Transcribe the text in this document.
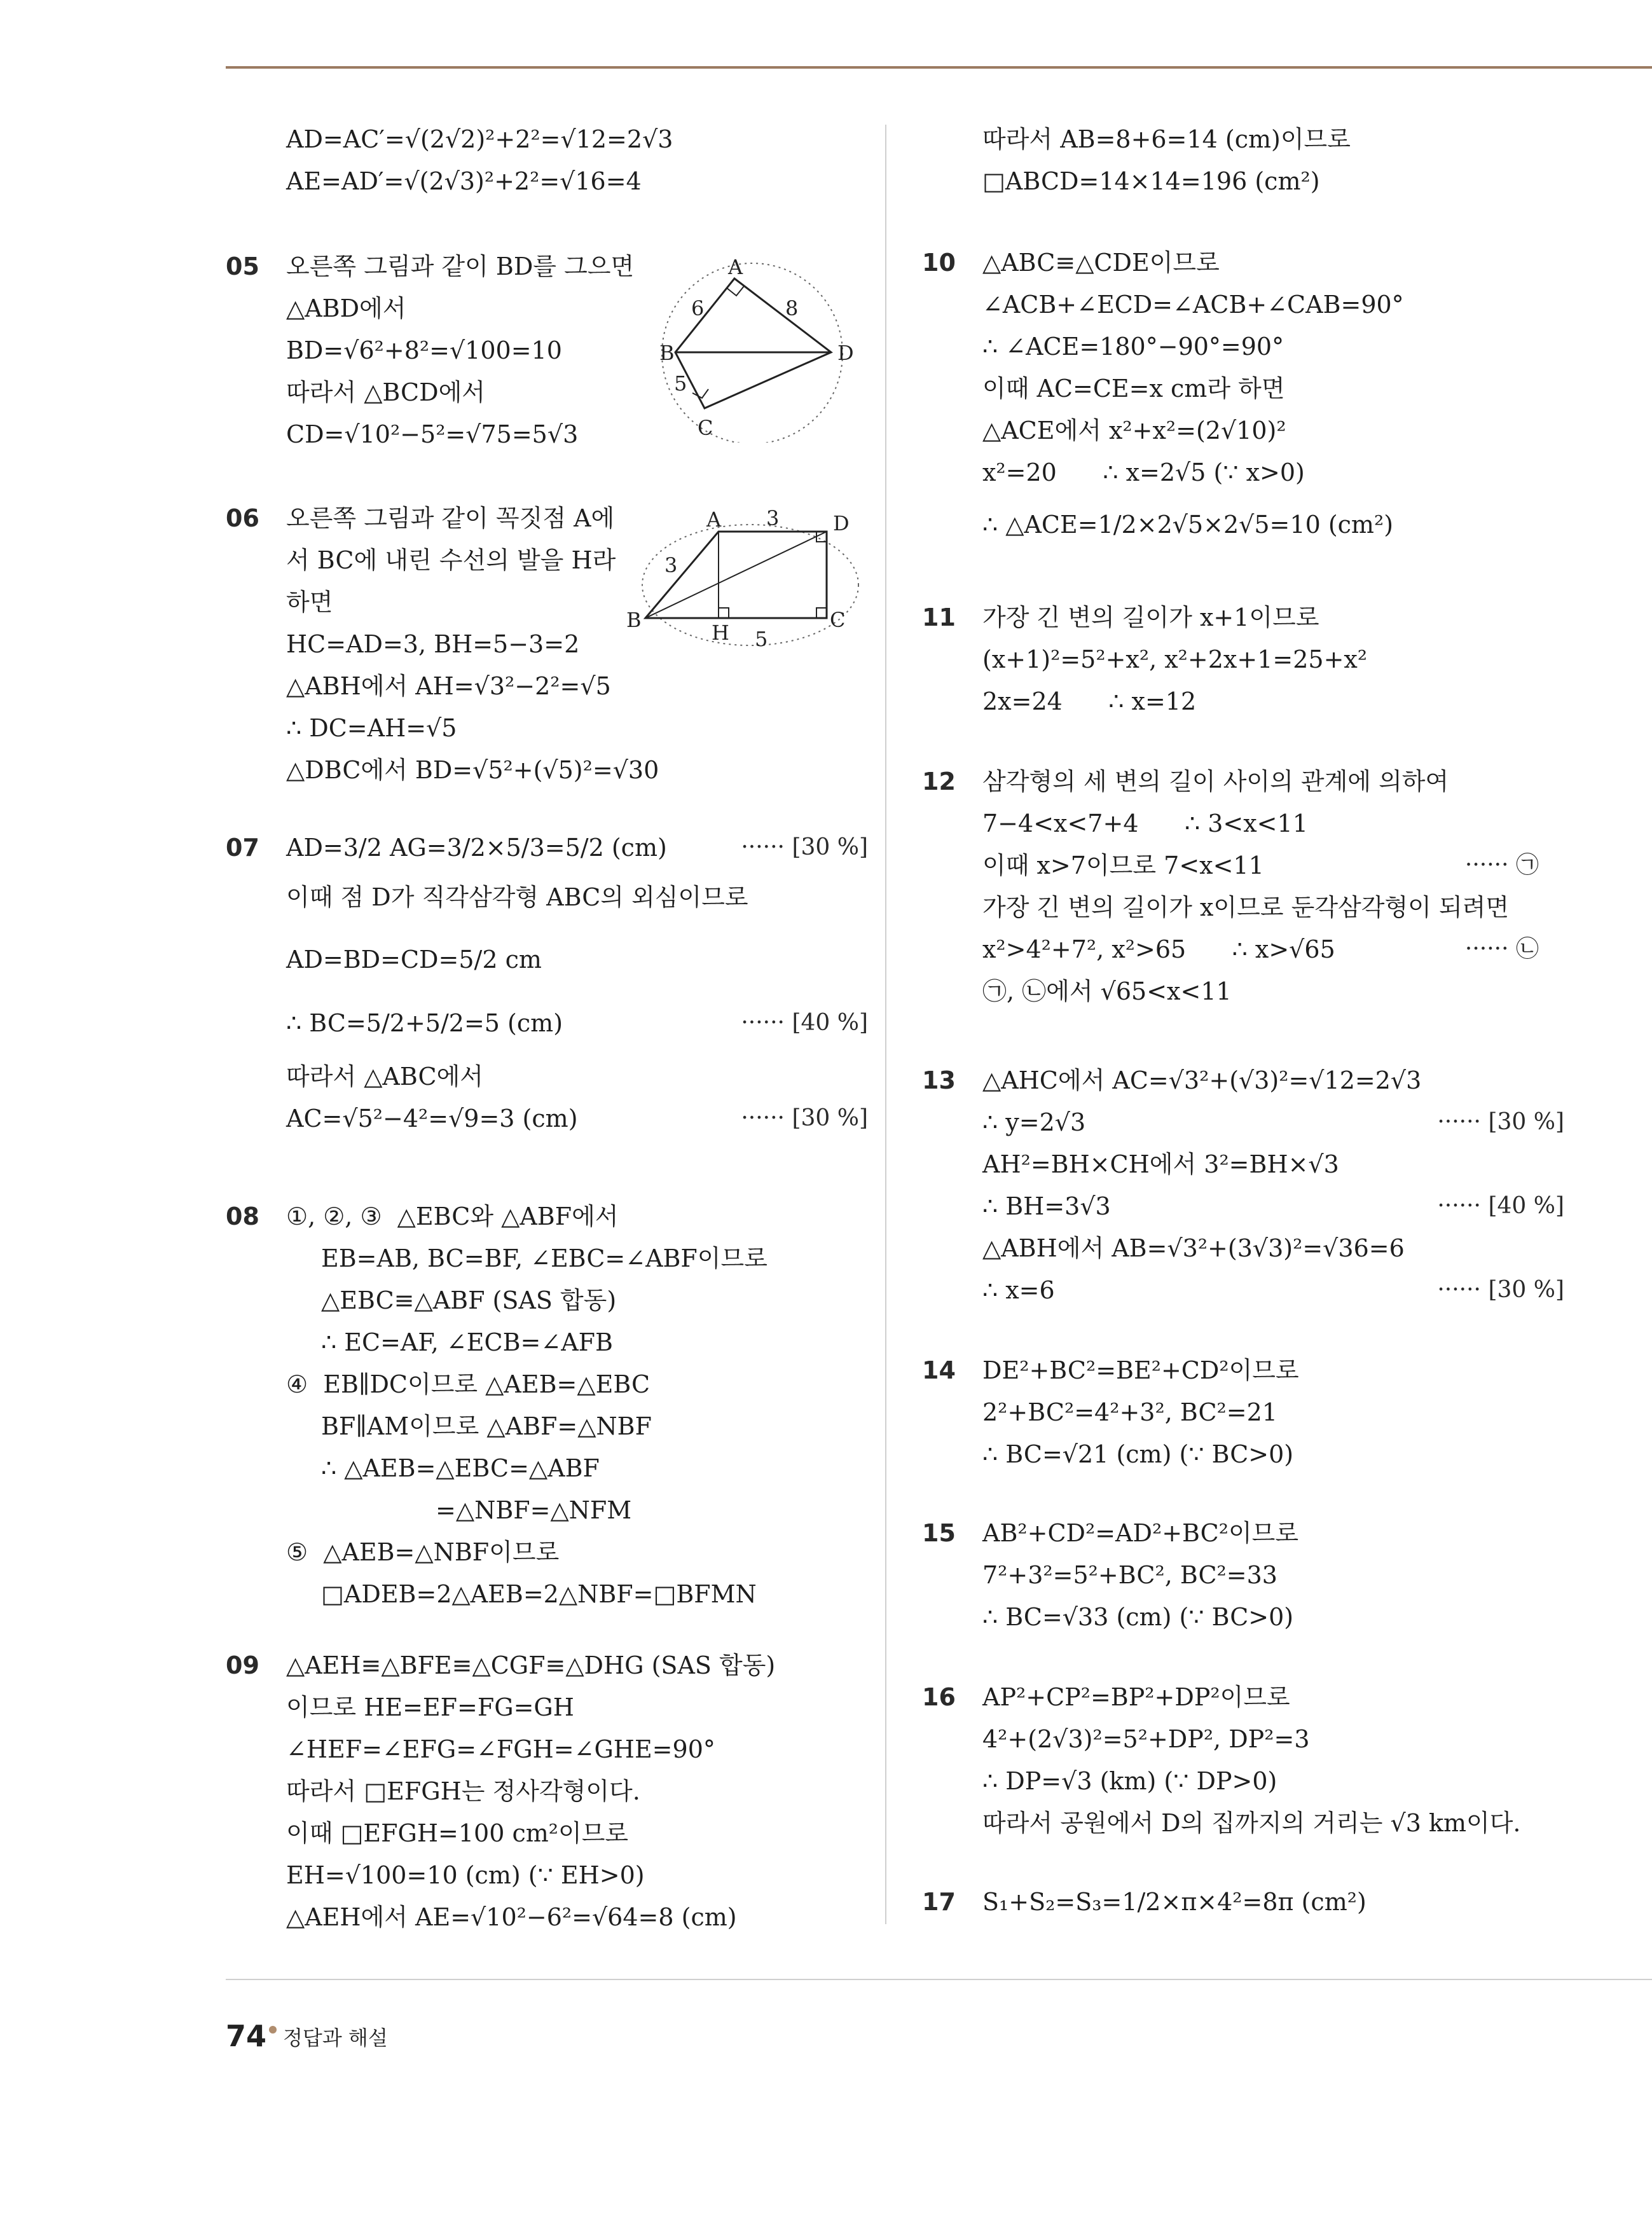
AD=AC′=√(2√2)²+2²=√12=2√3
AE=AD′=√(2√3)²+2²=√16=4
05 오른쪽 그림과 같이 BD를 그으면
△ABD에서
BD=√6²+8²=√100=10
따라서 △BCD에서
CD=√10²−5²=√75=5√3
A
B
C
D
6	8
5
06 오른쪽 그림과 같이 꼭짓점 A에
서 BC에 내린 수선의 발을 H라
하면
HC=AD=3, BH=5−3=2
△ABH에서 AH=√3²−2²=√5
∴ DC=AH=√5
△DBC에서 BD=√5²+(√5)²=√30
A	D
B
H
C
3
3
5
07 AD=3/2 AG=3/2×5/3=5/2 (cm)	······ [30 %]
이때 점 D가 직각삼각형 ABC의 외심이므로
AD=BD=CD=5/2 cm
∴ BC=5/2+5/2=5 (cm)	······ [40 %]
따라서 △ABC에서
AC=√5²−4²=√9=3 (cm)	······ [30 %]
08 ①, ②, ③  △EBC와 △ABF에서
EB=AB, BC=BF, ∠EBC=∠ABF이므로
△EBC≡△ABF (SAS 합동)
∴ EC=AF, ∠ECB=∠AFB
④  EB∥DC이므로 △AEB=△EBC
BF∥AM이므로 △ABF=△NBF
∴ △AEB=△EBC=△ABF
=△NBF=△NFM
⑤  △AEB=△NBF이므로
□ADEB=2△AEB=2△NBF=□BFMN
09 △AEH≡△BFE≡△CGF≡△DHG (SAS 합동)
이므로 HE=EF=FG=GH
∠HEF=∠EFG=∠FGH=∠GHE=90°
따라서 □EFGH는 정사각형이다.
이때 □EFGH=100 cm²이므로
EH=√100=10 (cm) (∵ EH>0)
△AEH에서 AE=√10²−6²=√64=8 (cm)
따라서 AB=8+6=14 (cm)이므로
□ABCD=14×14=196 (cm²)
10 △ABC≡△CDE이므로
∠ACB+∠ECD=∠ACB+∠CAB=90°
∴ ∠ACE=180°−90°=90°
이때 AC=CE=x cm라 하면
△ACE에서 x²+x²=(2√10)²
x²=20      ∴ x=2√5 (∵ x>0)
∴ △ACE=1/2×2√5×2√5=10 (cm²)
11 가장 긴 변의 길이가 x+1이므로
(x+1)²=5²+x², x²+2x+1=25+x²
2x=24      ∴ x=12
12 삼각형의 세 변의 길이 사이의 관계에 의하여
7−4<x<7+4      ∴ 3<x<11
이때 x>7이므로 7<x<11	······ ㉠
가장 긴 변의 길이가 x이므로 둔각삼각형이 되려면
x²>4²+7², x²>65      ∴ x>√65	······ ㉡
㉠, ㉡에서 √65<x<11
13 △AHC에서 AC=√3²+(√3)²=√12=2√3
∴ y=2√3	······ [30 %]
AH²=BH×CH에서 3²=BH×√3
∴ BH=3√3	······ [40 %]
△ABH에서 AB=√3²+(3√3)²=√36=6
∴ x=6	······ [30 %]
14 DE²+BC²=BE²+CD²이므로
2²+BC²=4²+3², BC²=21
∴ BC=√21 (cm) (∵ BC>0)
15 AB²+CD²=AD²+BC²이므로
7²+3²=5²+BC², BC²=33
∴ BC=√33 (cm) (∵ BC>0)
16 AP²+CP²=BP²+DP²이므로
4²+(2√3)²=5²+DP², DP²=3
∴ DP=√3 (km) (∵ DP>0)
따라서 공원에서 D의 집까지의 거리는 √3 km이다.
17 S₁+S₂=S₃=1/2×π×4²=8π (cm²)
74 정답과 해설
